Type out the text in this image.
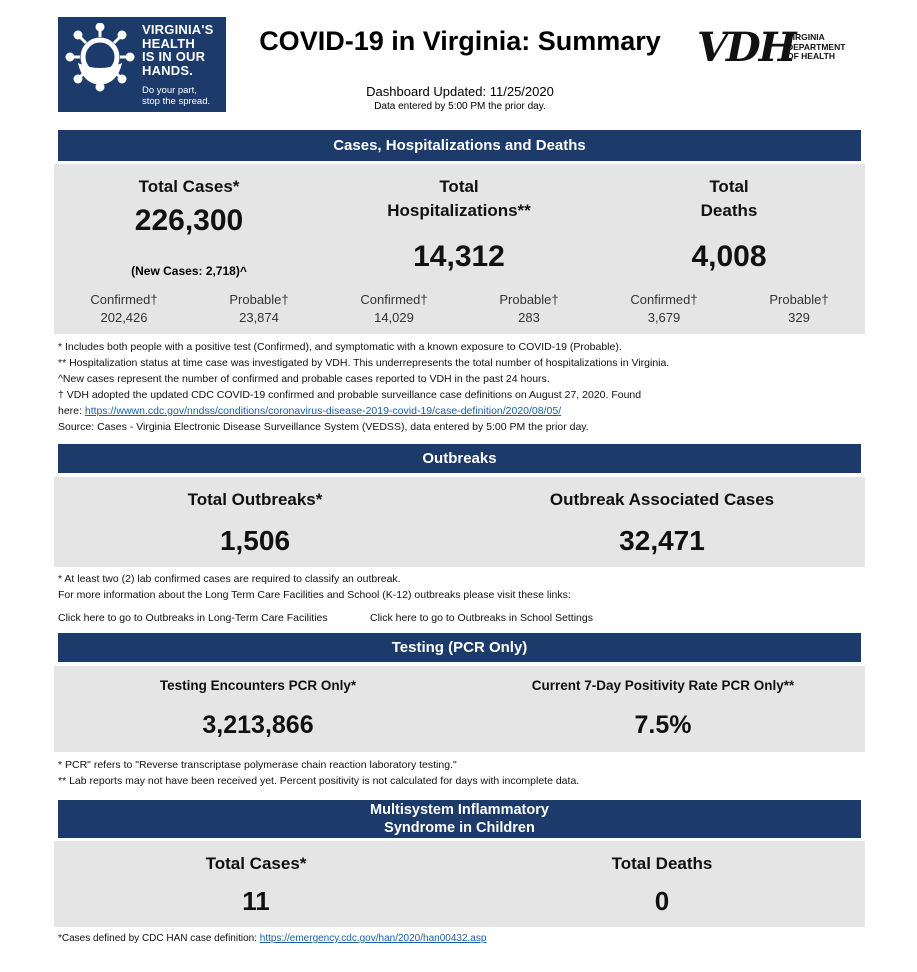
VIRGINIA'S
HEALTH
IS IN OUR
HANDS.
Do your part,
stop the spread.
COVID-19 in Virginia: Summary
Dashboard Updated: 11/25/2020
Data entered by 5:00 PM the prior day.
VDH
VIRGINIA
DEPARTMENT
OF HEALTH
Cases, Hospitalizations and Deaths
Total Cases*
226,300
(New Cases: 2,718)^
Total
Hospitalizations**
14,312
Total
Deaths
4,008
Confirmed†
202,426
Probable†
23,874
Confirmed†
14,029
Probable†
283
Confirmed†
3,679
Probable†
329
* Includes both people with a positive test (Confirmed), and symptomatic with a known exposure to COVID-19 (Probable).
** Hospitalization status at time case was investigated by VDH. This underrepresents the total number of hospitalizations in Virginia.
^New cases represent the number of confirmed and probable cases reported to VDH in the past 24 hours.
† VDH adopted the updated CDC COVID-19 confirmed and probable surveillance case definitions on August 27, 2020. Found
here: https://wwwn.cdc.gov/nndss/conditions/coronavirus-disease-2019-covid-19/case-definition/2020/08/05/
Source: Cases - Virginia Electronic Disease Surveillance System (VEDSS), data entered by 5:00 PM the prior day.
Outbreaks
Total Outbreaks*
1,506
Outbreak Associated Cases
32,471
* At least two (2) lab confirmed cases are required to classify an outbreak.
For more information about the Long Term Care Facilities and School (K-12) outbreaks please visit these links:
Click here to go to Outbreaks in Long-Term Care Facilities	Click here to go to Outbreaks in School Settings
Testing (PCR Only)
Testing Encounters PCR Only*
3,213,866
Current 7-Day Positivity Rate PCR Only**
7.5%
* PCR" refers to "Reverse transcriptase polymerase chain reaction laboratory testing."
** Lab reports may not have been received yet. Percent positivity is not calculated for days with incomplete data.
Multisystem Inflammatory
Syndrome in Children
Total Cases*
11
Total Deaths
0
*Cases defined by CDC HAN case definition: https://emergency.cdc.gov/han/2020/han00432.asp
